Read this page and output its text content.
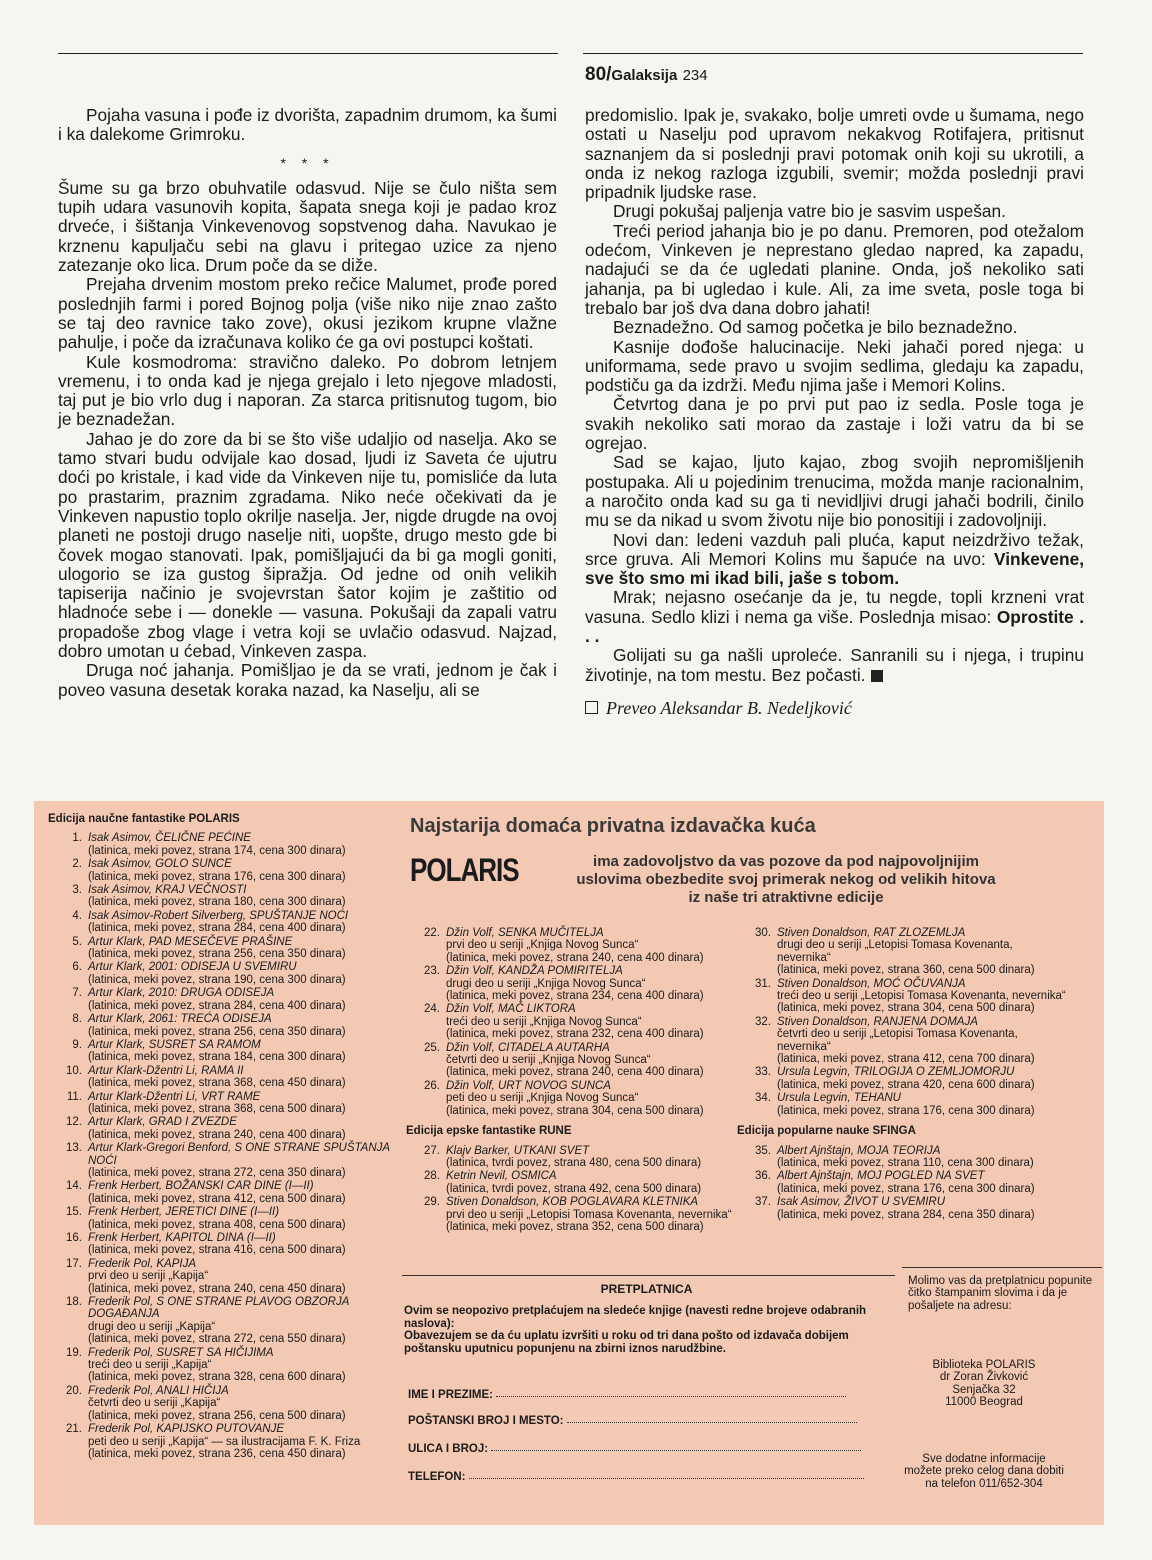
80/Galaksija 234

Pojaha vasuna i pođe iz dvorišta, zapadnim drumom, ka šumi i ka dalekome Grimroku.

* * *

Šume su ga brzo obuhvatile odasvud. Nije se čulo ništa sem tupih udara vasunovih kopita, šapata snega koji je padao kroz drveće, i šištanja Vinkevenovog sopstvenog daha. Navukao je krznenu kapuljaču sebi na glavu i pritegao uzice za njeno zatezanje oko lica. Drum poče da se diže.

Prejaha drvenim mostom preko rečice Malumet, prođe pored poslednjih farmi i pored Bojnog polja (više niko nije znao zašto se taj deo ravnice tako zove), okusi jezikom krupne vlažne pahulje, i poče da izračunava koliko će ga ovi postupci koštati.

Kule kosmodroma: stravično daleko. Po dobrom letnjem vremenu, i to onda kad je njega grejalo i leto njegove mladosti, taj put je bio vrlo dug i naporan. Za starca pritisnutog tugom, bio je beznadežan.

Jahao je do zore da bi se što više udaljio od naselja. Ako se tamo stvari budu odvijale kao dosad, ljudi iz Saveta će ujutru doći po kristale, i kad vide da Vinkeven nije tu, pomisliće da luta po prastarim, praznim zgradama. Niko neće očekivati da je Vinkeven napustio toplo okrilje naselja. Jer, nigde drugde na ovoj planeti ne postoji drugo naselje niti, uopšte, drugo mesto gde bi čovek mogao stanovati. Ipak, pomišljajući da bi ga mogli goniti, ulogorio se iza gustog šipražja. Od jedne od onih velikih tapiserija načinio je svojevrstan šator kojim je zaštitio od hladnoće sebe i — donekle — vasuna. Pokušaji da zapali vatru propadoše zbog vlage i vetra koji se uvlačio odasvud. Najzad, dobro umotan u ćebad, Vinkeven zaspa.

Druga noć jahanja. Pomišljao je da se vrati, jednom je čak i poveo vasuna desetak koraka nazad, ka Naselju, ali se

predomislio. Ipak je, svakako, bolje umreti ovde u šumama, nego ostati u Naselju pod upravom nekakvog Rotifajera, pritisnut saznanjem da si poslednji pravi potomak onih koji su ukrotili, a onda iz nekog razloga izgubili, svemir; možda poslednji pravi pripadnik ljudske rase.

Drugi pokušaj paljenja vatre bio je sasvim uspešan.

Treći period jahanja bio je po danu. Premoren, pod otežalom odećom, Vinkeven je neprestano gledao napred, ka zapadu, nadajući se da će ugledati planine. Onda, još nekoliko sati jahanja, pa bi ugledao i kule. Ali, za ime sveta, posle toga bi trebalo bar još dva dana dobro jahati!

Beznadežno. Od samog početka je bilo beznadežno.

Kasnije dođoše halucinacije. Neki jahači pored njega: u uniformama, sede pravo u svojim sedlima, gledaju ka zapadu, podstiču ga da izdrži. Među njima jaše i Memori Kolins.

Četvrtog dana je po prvi put pao iz sedla. Posle toga je svakih nekoliko sati morao da zastaje i loži vatru da bi se ogrejao.

Sad se kajao, ljuto kajao, zbog svojih nepromišljenih postupaka. Ali u pojedinim trenucima, možda manje racionalnim, a naročito onda kad su ga ti nevidljivi drugi jahači bodrili, činilo mu se da nikad u svom životu nije bio ponositiji i zadovoljniji.

Novi dan: ledeni vazduh pali pluća, kaput neizdrživo težak, srce gruva. Ali Memori Kolins mu šapuće na uvo: Vinkevene, sve što smo mi ikad bili, jaše s tobom.

Mrak; nejasno osećanje da je, tu negde, topli krzneni vrat vasuna. Sedlo klizi i nema ga više. Poslednja misao: Oprostite . . .

Golijati su ga našli uproleće. Sanranili su i njega, i trupinu životinje, na tom mestu. Bez počasti.

Preveo Aleksandar B. Nedeljković
Edicija naučne fantastike POLARIS
1. Isak Asimov, ČELIČNE PEĆINE
(latinica, meki povez, strana 174, cena 300 dinara)
2. Isak Asimov, GOLO SUNCE
(latinica, meki povez, strana 176, cena 300 dinara)
3. Isak Asimov, KRAJ VEČNOSTI
(latinica, meki povez, strana 180, cena 300 dinara)
4. Isak Asimov-Robert Silverberg, SPUŠTANJE NOĆI
(latinica, meki povez, strana 284, cena 400 dinara)
5. Artur Klark, PAD MESEČEVE PRAŠINE
(latinica, meki povez, strana 256, cena 350 dinara)
6. Artur Klark, 2001: ODISEJA U SVEMIRU
(latinica, meki povez, strana 190, cena 300 dinara)
7. Artur Klark, 2010: DRUGA ODISEJA
(latinica, meki povez, strana 284, cena 400 dinara)
8. Artur Klark, 2061: TREĆA ODISEJA
(latinica, meki povez, strana 256, cena 350 dinara)
9. Artur Klark, SUSRET SA RAMOM
(latinica, meki povez, strana 184, cena 300 dinara)
10. Artur Klark-Džentri Li, RAMA II
(latinica, meki povez, strana 368, cena 450 dinara)
11. Artur Klark-Džentri Li, VRT RAME
(latinica, meki povez, strana 368, cena 500 dinara)
12. Artur Klark, GRAD I ZVEZDE
(latinica, meki povez, strana 240, cena 400 dinara)
13. Artur Klark-Gregori Benford, S ONE STRANE SPUŠTANJA NOĆI
(latinica, meki povez, strana 272, cena 350 dinara)
14. Frenk Herbert, BOŽANSKI CAR DINE (I—II)
(latinica, meki povez, strana 412, cena 500 dinara)
15. Frenk Herbert, JERETICI DINE (I—II)
(latinica, meki povez, strana 408, cena 500 dinara)
16. Frenk Herbert, KAPITOL DINA (I—II)
(latinica, meki povez, strana 416, cena 500 dinara)
17. Frederik Pol, KAPIJA
prvi deo u seriji „Kapija“
(latinica, meki povez, strana 240, cena 450 dinara)
18. Frederik Pol, S ONE STRANE PLAVOG OBZORJA DOGAĐANJA
drugi deo u seriji „Kapija“
(latinica, meki povez, strana 272, cena 550 dinara)
19. Frederik Pol, SUSRET SA HIČIJIMA
treći deo u seriji „Kapija“
(latinica, meki povez, strana 328, cena 600 dinara)
20. Frederik Pol, ANALI HIČIJA
četvrti deo u seriji „Kapija“
(latinica, meki povez, strana 256, cena 500 dinara)
21. Frederik Pol, KAPIJSKO PUTOVANJE
peti deo u seriji „Kapija“ — sa ilustracijama F. K. Friza
(latinica, meki povez, strana 236, cena 450 dinara)
Najstarija domaća privatna izdavačka kuća
POLARIS	ima zadovoljstvo da vas pozove da pod najpovoljnijim
uslovima obezbedite svoj primerak nekog od velikih hitova
iz naše tri atraktivne edicije
22. Džin Volf, SENKA MUČITELJA
prvi deo u seriji „Knjiga Novog Sunca“
(latinica, meki povez, strana 240, cena 400 dinara)
23. Džin Volf, KANDŽA POMIRITELJA
drugi deo u seriji „Knjiga Novog Sunca“
(latinica, meki povez, strana 234, cena 400 dinara)
24. Džin Volf, MAČ LIKTORA
treći deo u seriji „Knjiga Novog Sunca“
(latinica, meki povez, strana 232, cena 400 dinara)
25. Džin Volf, CITADELA AUTARHA
četvrti deo u seriji „Knjiga Novog Sunca“
(latinica, meki povez, strana 240, cena 400 dinara)
26. Džin Volf, URT NOVOG SUNCA
peti deo u seriji „Knjiga Novog Sunca“
(latinica, meki povez, strana 304, cena 500 dinara)
Edicija epske fantastike RUNE
27. Klajv Barker, UTKANI SVET
(latinica, tvrdi povez, strana 480, cena 500 dinara)
28. Ketrin Nevil, OSMICA
(latinica, tvrdi povez, strana 492, cena 500 dinara)
29. Stiven Donaldson, KOB POGLAVARA KLETNIKA
prvi deo u seriji „Letopisi Tomasa Kovenanta, nevernika“
(latinica, meki povez, strana 352, cena 500 dinara)
30. Stiven Donaldson, RAT ZLOZEMLJA
drugi deo u seriji „Letopisi Tomasa Kovenanta, nevernika“
(latinica, meki povez, strana 360, cena 500 dinara)
31. Stiven Donaldson, MOĆ OČUVANJA
treći deo u seriji „Letopisi Tomasa Kovenanta, nevernika“
(latinica, meki povez, strana 304, cena 500 dinara)
32. Stiven Donaldson, RANJENA DOMAJA
četvrti deo u seriji „Letopisi Tomasa Kovenanta, nevernika“
(latinica, meki povez, strana 412, cena 700 dinara)
33. Ursula Legvin, TRILOGIJA O ZEMLJOMORJU
(latinica, meki povez, strana 420, cena 600 dinara)
34. Ursula Legvin, TEHANU
(latinica, meki povez, strana 176, cena 300 dinara)
Edicija popularne nauke SFINGA
35. Albert Ajnštajn, MOJA TEORIJA
(latinica, meki povez, strana 110, cena 300 dinara)
36. Albert Ajnštajn, MOJ POGLED NA SVET
(latinica, meki povez, strana 176, cena 300 dinara)
37. Isak Asimov, ŽIVOT U SVEMIRU
(latinica, meki povez, strana 284, cena 350 dinara)
PRETPLATNICA
Ovim se neopozivo pretplaćujem na sledeće knjige (navesti redne brojeve odabranih naslova):
Obavezujem se da ću uplatu izvršiti u roku od tri dana pošto od izdavača dobijem poštansku uputnicu popunjenu na zbirni iznos narudžbine.
IME I PREZIME:
POŠTANSKI BROJ I MESTO:
ULICA I BROJ:
TELEFON:
Molimo vas da pretplatnicu popunite čitko štampanim slovima i da je pošaljete na adresu:
Biblioteka POLARIS
dr Zoran Živković
Senjačka 32
11000 Beograd
Sve dodatne informacije možete preko celog dana dobiti na telefon 011/652-304
